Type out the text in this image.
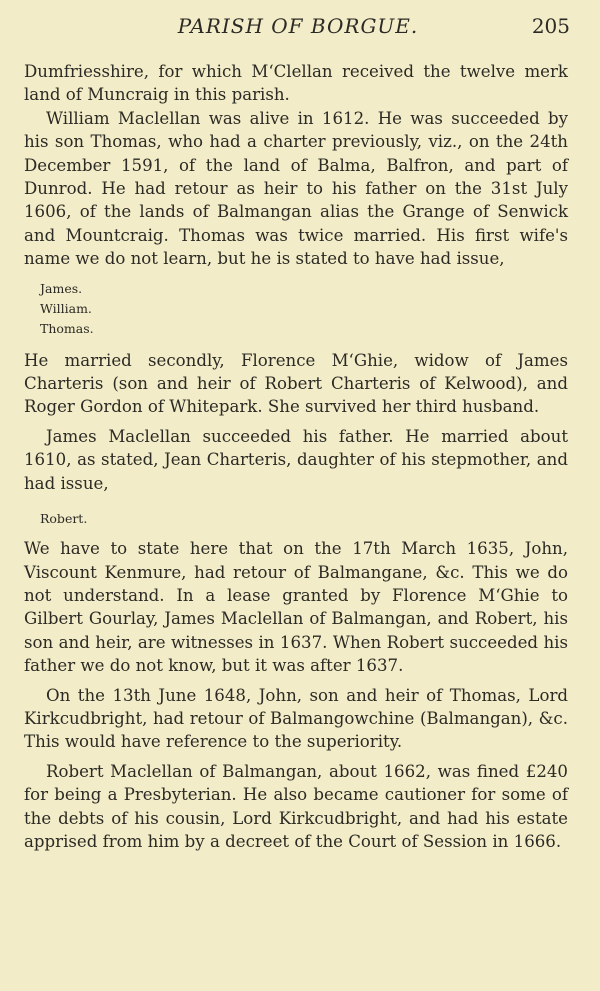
PARISH OF BORGUE.	205

Dumfriesshire, for which M‘Clellan received the twelve merk land of Muncraig in this parish.

William Maclellan was alive in 1612. He was succeeded by his son Thomas, who had a charter previously, viz., on the 24th December 1591, of the land of Balma, Balfron, and part of Dunrod. He had retour as heir to his father on the 31st July 1606, of the lands of Balmangan alias the Grange of Senwick and Mountcraig. Thomas was twice married. His first wife's name we do not learn, but he is stated to have had issue,

James.
William.
Thomas.

He married secondly, Florence M‘Ghie, widow of James Charteris (son and heir of Robert Charteris of Kelwood), and Roger Gordon of Whitepark. She survived her third husband.

James Maclellan succeeded his father. He married about 1610, as stated, Jean Charteris, daughter of his stepmother, and had issue,

Robert.

We have to state here that on the 17th March 1635, John, Viscount Kenmure, had retour of Balmangane, &c. This we do not understand. In a lease granted by Florence M‘Ghie to Gilbert Gourlay, James Maclellan of Balmangan, and Robert, his son and heir, are witnesses in 1637. When Robert succeeded his father we do not know, but it was after 1637.

On the 13th June 1648, John, son and heir of Thomas, Lord Kirkcudbright, had retour of Balmangowchine (Balmangan), &c. This would have reference to the superiority.

Robert Maclellan of Balmangan, about 1662, was fined £240 for being a Presbyterian. He also became cautioner for some of the debts of his cousin, Lord Kirkcudbright, and had his estate apprised from him by a decreet of the Court of Session in 1666.
